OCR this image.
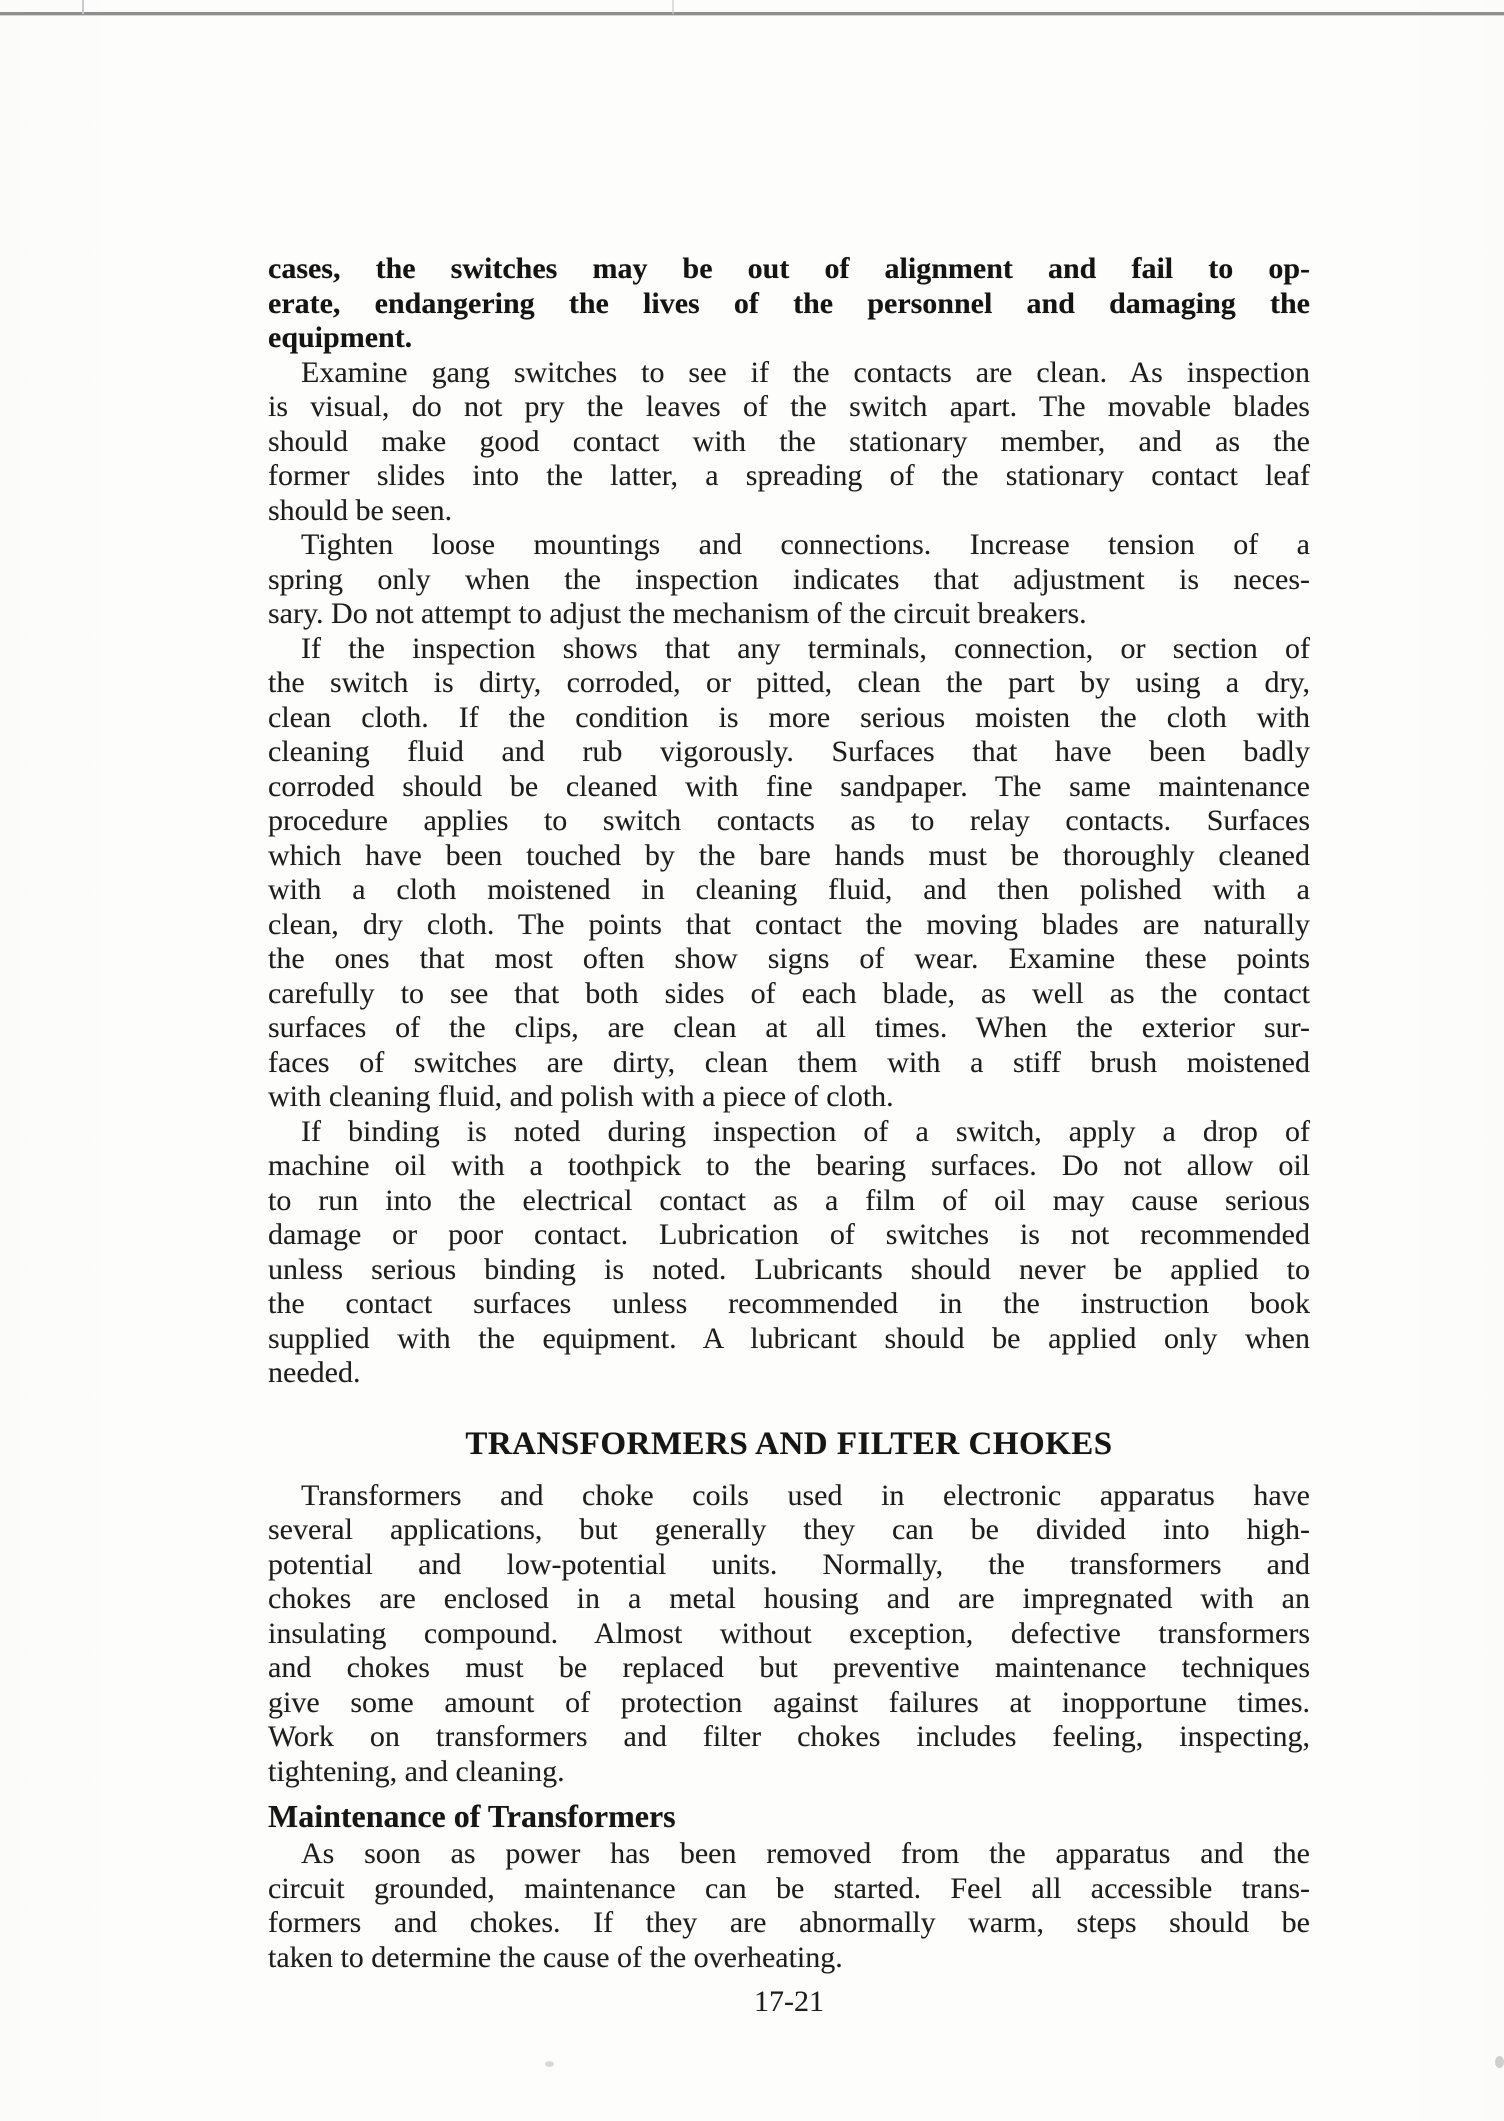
cases, the switches may be out of alignment and fail to op-
erate, endangering the lives of the personnel and damaging the
equipment.
Examine gang switches to see if the contacts are clean. As inspection
is visual, do not pry the leaves of the switch apart. The movable blades
should make good contact with the stationary member, and as the
former slides into the latter, a spreading of the stationary contact leaf
should be seen.
Tighten loose mountings and connections. Increase tension of a
spring only when the inspection indicates that adjustment is neces-
sary. Do not attempt to adjust the mechanism of the circuit breakers.
If the inspection shows that any terminals, connection, or section of
the switch is dirty, corroded, or pitted, clean the part by using a dry,
clean cloth. If the condition is more serious moisten the cloth with
cleaning fluid and rub vigorously. Surfaces that have been badly
corroded should be cleaned with fine sandpaper. The same maintenance
procedure applies to switch contacts as to relay contacts. Surfaces
which have been touched by the bare hands must be thoroughly cleaned
with a cloth moistened in cleaning fluid, and then polished with a
clean, dry cloth. The points that contact the moving blades are naturally
the ones that most often show signs of wear. Examine these points
carefully to see that both sides of each blade, as well as the contact
surfaces of the clips, are clean at all times. When the exterior sur-
faces of switches are dirty, clean them with a stiff brush moistened
with cleaning fluid, and polish with a piece of cloth.
If binding is noted during inspection of a switch, apply a drop of
machine oil with a toothpick to the bearing surfaces. Do not allow oil
to run into the electrical contact as a film of oil may cause serious
damage or poor contact. Lubrication of switches is not recommended
unless serious binding is noted. Lubricants should never be applied to
the contact surfaces unless recommended in the instruction book
supplied with the equipment. A lubricant should be applied only when
needed.
TRANSFORMERS AND FILTER CHOKES
Transformers and choke coils used in electronic apparatus have
several applications, but generally they can be divided into high-
potential and low-potential units. Normally, the transformers and
chokes are enclosed in a metal housing and are impregnated with an
insulating compound. Almost without exception, defective transformers
and chokes must be replaced but preventive maintenance techniques
give some amount of protection against failures at inopportune times.
Work on transformers and filter chokes includes feeling, inspecting,
tightening, and cleaning.
Maintenance of Transformers
As soon as power has been removed from the apparatus and the
circuit grounded, maintenance can be started. Feel all accessible trans-
formers and chokes. If they are abnormally warm, steps should be
taken to determine the cause of the overheating.
17-21
